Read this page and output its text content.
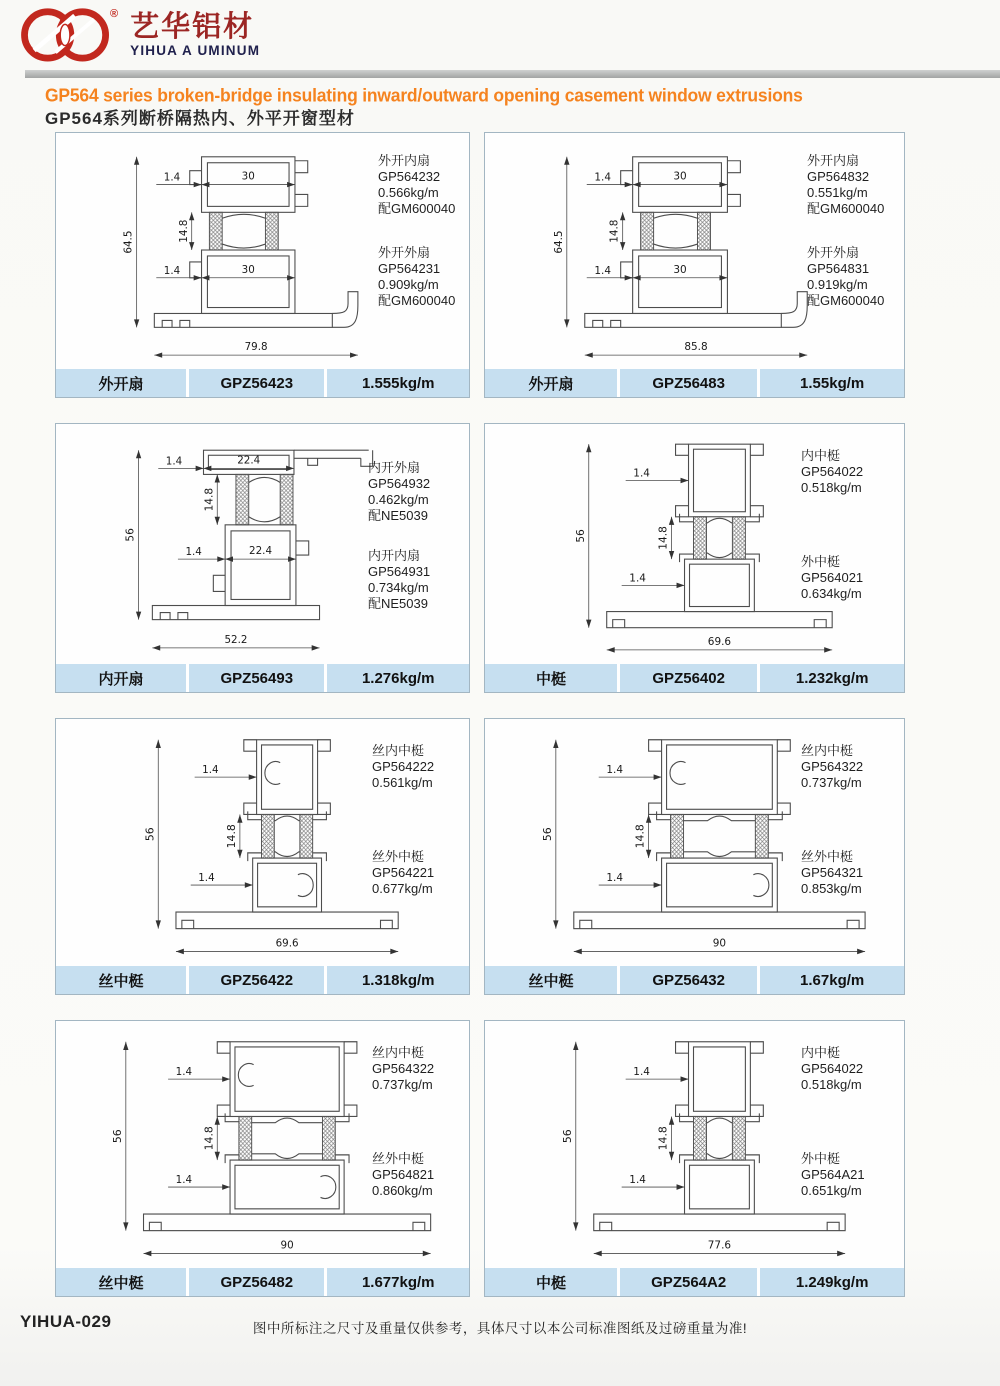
® 艺华铝材
YIHUA A UMINUM
GP564 series broken-bridge insulating inward/outward opening casement window extrusions
GP564系列断桥隔热内、外平开窗型材
64.5
1.4	30
14.8
1.4	30
79.8
外开内扇
GP564232
0.566kg/m
配GM600040
外开外扇
GP564231
0.909kg/m
配GM600040
外开扇	GPZ56423	1.555kg/m
64.5
1.4	30
14.8
1.4	30
85.8
外开内扇
GP564832
0.551kg/m
配GM600040
外开外扇
GP564831
0.919kg/m
配GM600040
外开扇	GPZ56483	1.55kg/m
56
1.4	22.4
14.8
1.4	22.4
52.2
内开外扇
GP564932
0.462kg/m
配NE5039
内开内扇
GP564931
0.734kg/m
配NE5039
内开扇	GPZ56493	1.276kg/m
56
1.4
14.8
1.4
69.6
内中梃
GP564022
0.518kg/m
外中梃
GP564021
0.634kg/m
中梃	GPZ56402	1.232kg/m
56
1.4
14.8
1.4
69.6
丝内中梃
GP564222
0.561kg/m
丝外中梃
GP564221
0.677kg/m
丝中梃	GPZ56422	1.318kg/m
56
1.4
14.8
1.4
90
丝内中梃
GP564322
0.737kg/m
丝外中梃
GP564321
0.853kg/m
丝中梃	GPZ56432	1.67kg/m
56
1.4
14.8
1.4
90
丝内中梃
GP564322
0.737kg/m
丝外中梃
GP564821
0.860kg/m
丝中梃	GPZ56482	1.677kg/m
56
1.4
14.8
1.4
77.6
内中梃
GP564022
0.518kg/m
外中梃
GP564A21
0.651kg/m
中梃	GPZ564A2	1.249kg/m
YIHUA-029	图中所标注之尺寸及重量仅供参考，具体尺寸以本公司标准图纸及过磅重量为准!
